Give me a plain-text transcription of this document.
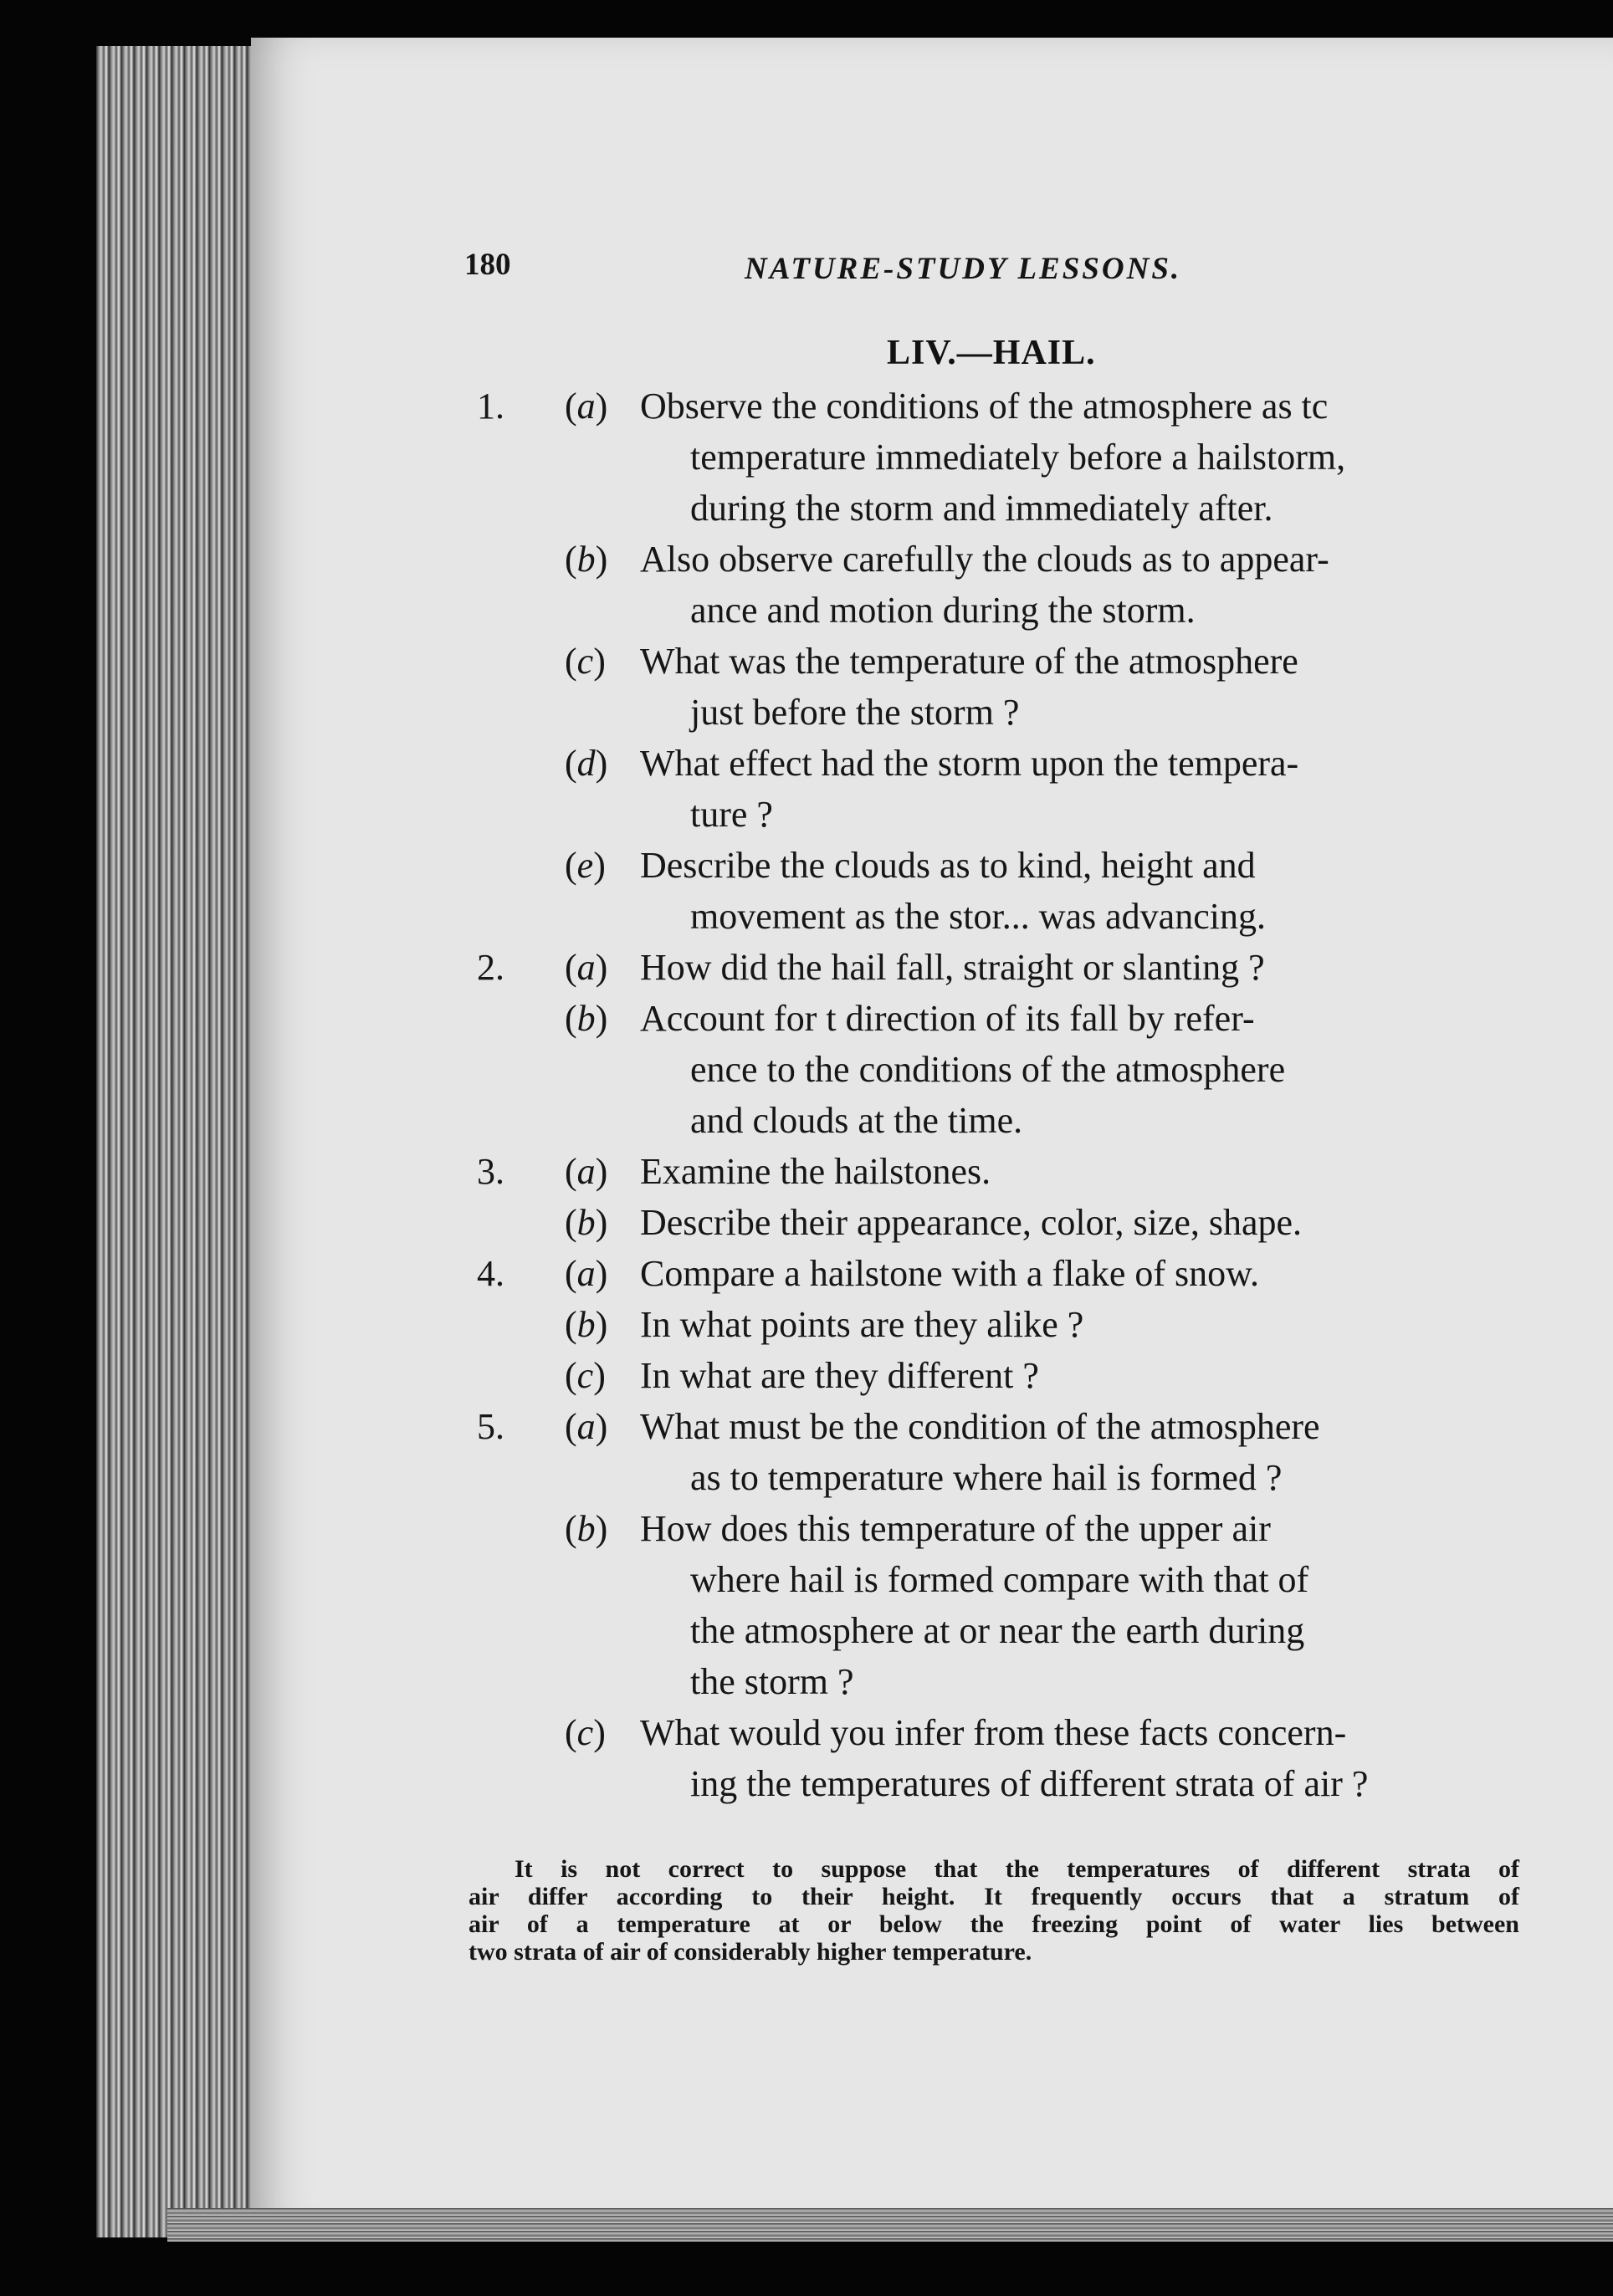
180	NATURE-STUDY LESSONS.
LIV.—HAIL.
1. (a) Observe the conditions of the atmosphere as tc
temperature immediately before a hailstorm,
during the storm and immediately after.
(b) Also observe carefully the clouds as to appear-
ance and motion during the storm.
(c) What was the temperature of the atmosphere
just before the storm ?
(d) What effect had the storm upon the tempera-
ture ?
(e) Describe the clouds as to kind, height and
movement as the stor... was advancing.
2. (a) How did the hail fall, straight or slanting ?
(b) Account for t direction of its fall by refer-
ence to the conditions of the atmosphere
and clouds at the time.
3. (a) Examine the hailstones.
(b) Describe their appearance, color, size, shape.
4. (a) Compare a hailstone with a flake of snow.
(b) In what points are they alike ?
(c) In what are they different ?
5. (a) What must be the condition of the atmosphere
as to temperature where hail is formed ?
(b) How does this temperature of the upper air
where hail is formed compare with that of
the atmosphere at or near the earth during
the storm ?
(c) What would you infer from these facts concern-
ing the temperatures of different strata of air ?
It is not correct to suppose that the temperatures of different strata of
air differ according to their height. It frequently occurs that a stratum of
air of a temperature at or below the freezing point of water lies between
two strata of air of considerably higher temperature.
